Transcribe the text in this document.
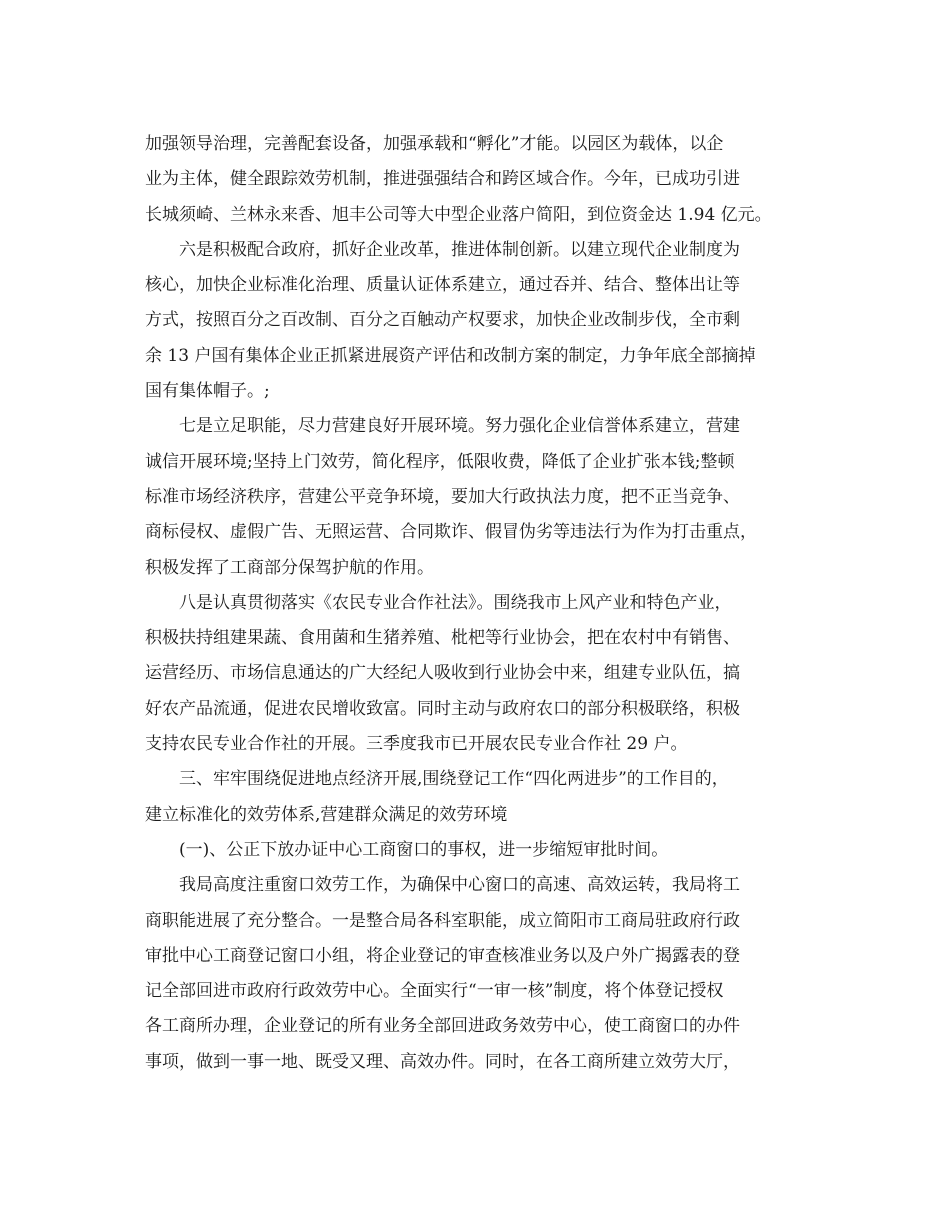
加强领导治理，完善配套设备，加强承载和“孵化”才能。以园区为载体，以企
业为主体，健全跟踪效劳机制，推进强强结合和跨区域合作。今年，已成功引进
长城须崎、兰林永来香、旭丰公司等大中型企业落户简阳，到位资金达 1.94 亿元。
六是积极配合政府，抓好企业改革，推进体制创新。以建立现代企业制度为
核心，加快企业标准化治理、质量认证体系建立，通过吞并、结合、整体出让等
方式，按照百分之百改制、百分之百触动产权要求，加快企业改制步伐，全市剩
余 13 户国有集体企业正抓紧进展资产评估和改制方案的制定，力争年底全部摘掉
国有集体帽子。;
七是立足职能，尽力营建良好开展环境。努力强化企业信誉体系建立，营建
诚信开展环境;坚持上门效劳，简化程序，低限收费，降低了企业扩张本钱;整顿
标准市场经济秩序，营建公平竞争环境，要加大行政执法力度，把不正当竞争、
商标侵权、虚假广告、无照运营、合同欺诈、假冒伪劣等违法行为作为打击重点，
积极发挥了工商部分保驾护航的作用。
八是认真贯彻落实《农民专业合作社法》。围绕我市上风产业和特色产业，
积极扶持组建果蔬、食用菌和生猪养殖、枇杷等行业协会，把在农村中有销售、
运营经历、市场信息通达的广大经纪人吸收到行业协会中来，组建专业队伍，搞
好农产品流通，促进农民增收致富。同时主动与政府农口的部分积极联络，积极
支持农民专业合作社的开展。三季度我市已开展农民专业合作社 29 户。
三、牢牢围绕促进地点经济开展,围绕登记工作“四化两进步”的工作目的，
建立标准化的效劳体系,营建群众满足的效劳环境
(一)、公正下放办证中心工商窗口的事权，进一步缩短审批时间。
我局高度注重窗口效劳工作，为确保中心窗口的高速、高效运转，我局将工
商职能进展了充分整合。一是整合局各科室职能，成立简阳市工商局驻政府行政
审批中心工商登记窗口小组，将企业登记的审查核准业务以及户外广揭露表的登
记全部回进市政府行政效劳中心。全面实行“一审一核”制度，将个体登记授权
各工商所办理，企业登记的所有业务全部回进政务效劳中心，使工商窗口的办件
事项，做到一事一地、既受又理、高效办件。同时，在各工商所建立效劳大厅，
